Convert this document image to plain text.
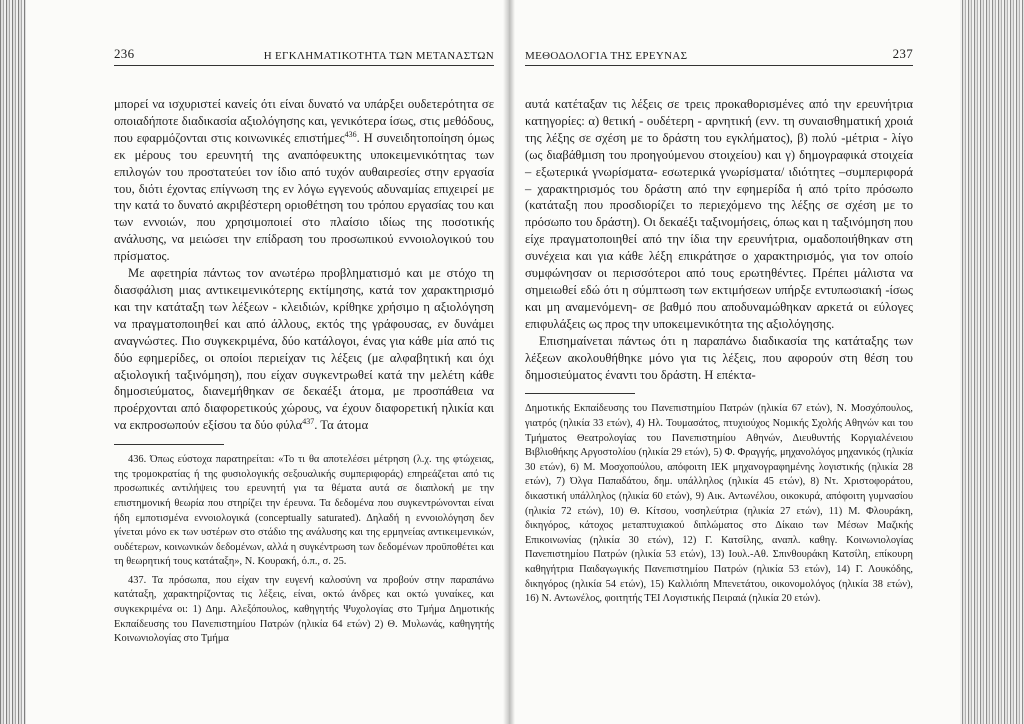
236	Η ΕΓΚΛΗΜΑΤΙΚΟΤΗΤΑ ΤΩΝ ΜΕΤΑΝΑΣΤΩΝ

μπορεί να ισχυριστεί κανείς ότι είναι δυνατό να υπάρξει ουδετερότητα σε οποιαδήποτε διαδικασία αξιολόγησης και, γενικότερα ίσως, στις μεθόδους, που εφαρμόζονται στις κοινωνικές επιστήμες$^{436}$. Η συνειδητοποίηση όμως εκ μέρους του ερευνητή της αναπόφευκτης υποκειμενικότητας των επιλογών του προστατεύει τον ίδιο από τυχόν αυθαιρεσίες στην εργασία του, διότι έχοντας επίγνωση της εν λόγω εγγενούς αδυναμίας επιχειρεί με την κατά το δυνατό ακριβέστερη οριοθέτηση του τρόπου εργασίας του και των εννοιών, που χρησιμοποιεί στο πλαίσιο ιδίως της ποσοτικής ανάλυσης, να μειώσει την επίδραση του προσωπικού εννοιολογικού του πρίσματος.

Με αφετηρία πάντως τον ανωτέρω προβληματισμό και με στόχο τη διασφάλιση μιας αντικειμενικότερης εκτίμησης, κατά τον χαρακτηρισμό και την κατάταξη των λέξεων - κλειδιών, κρίθηκε χρήσιμο η αξιολόγηση να πραγματοποιηθεί και από άλλους, εκτός της γράφουσας, εν δυνάμει αναγνώστες. Πιο συγκεκριμένα, δύο κατάλογοι, ένας για κάθε μία από τις δύο εφημερίδες, οι οποίοι περιείχαν τις λέξεις (με αλφαβητική και όχι αξιολογική ταξινόμηση), που είχαν συγκεντρωθεί κατά την μελέτη κάθε δημοσιεύματος, διανεμήθηκαν σε δεκαέξι άτομα, με προσπάθεια να προέρχονται από διαφορετικούς χώρους, να έχουν διαφορετική ηλικία και να εκπροσωπούν εξίσου τα δύο φύλα$^{437}$. Τα άτομα

436. Όπως εύστοχα παρατηρείται: «Το τι θα αποτελέσει μέτρηση (λ.χ. της φτώχειας, της τρομοκρατίας ή της φυσιολογικής σεξουαλικής συμπεριφοράς) επηρεάζεται από τις προσωπικές αντιλήψεις του ερευνητή για τα θέματα αυτά σε διαπλοκή με την επιστημονική θεωρία που στηρίζει την έρευνα. Τα δεδομένα που συγκεντρώνονται είναι ήδη εμποτισμένα εννοιολογικά (conceptually saturated). Δηλαδή η εννοιολόγηση δεν γίνεται μόνο εκ των υστέρων στο στάδιο της ανάλυσης και της ερμηνείας αντικειμενικών, ουδέτερων, κοινωνικών δεδομένων, αλλά η συγκέντρωση των δεδομένων προϋποθέτει και τη θεωρητική τους κατάταξη», Ν. Κουρακή, ό.π., σ. 25.

437. Τα πρόσωπα, που είχαν την ευγενή καλοσύνη να προβούν στην παραπάνω κατάταξη, χαρακτηρίζοντας τις λέξεις, είναι, οκτώ άνδρες και οκτώ γυναίκες, και συγκεκριμένα οι: 1) Δημ. Αλεξόπουλος, καθηγητής Ψυχολογίας στο Τμήμα Δημοτικής Εκπαίδευσης του Πανεπιστημίου Πατρών (ηλικία 64 ετών) 2) Θ. Μυλωνάς, καθηγητής Κοινωνιολογίας στο Τμήμα

ΜΕΘΟΔΟΛΟΓΙΑ ΤΗΣ ΕΡΕΥΝΑΣ	237

αυτά κατέταξαν τις λέξεις σε τρεις προκαθορισμένες από την ερευνήτρια κατηγορίες: α) θετική - ουδέτερη - αρνητική (ενν. τη συναισθηματική χροιά της λέξης σε σχέση με το δράστη του εγκλήματος), β) πολύ -μέτρια - λίγο (ως διαβάθμιση του προηγούμενου στοιχείου) και γ) δημογραφικά στοιχεία – εξωτερικά γνωρίσματα- εσωτερικά γνωρίσματα/ ιδιότητες –συμπεριφορά – χαρακτηρισμός του δράστη από την εφημερίδα ή από τρίτο πρόσωπο (κατάταξη που προσδιορίζει το περιεχόμενο της λέξης σε σχέση με το πρόσωπο του δράστη). Οι δεκαέξι ταξινομήσεις, όπως και η ταξινόμηση που είχε πραγματοποιηθεί από την ίδια την ερευνήτρια, ομαδοποιήθηκαν στη συνέχεια και για κάθε λέξη επικράτησε ο χαρακτηρισμός, για τον οποίο συμφώνησαν οι περισσότεροι από τους ερωτηθέντες. Πρέπει μάλιστα να σημειωθεί εδώ ότι η σύμπτωση των εκτιμήσεων υπήρξε εντυπωσιακή -ίσως και μη αναμενόμενη- σε βαθμό που αποδυναμώθηκαν αρκετά οι εύλογες επιφυλάξεις ως προς την υποκειμενικότητα της αξιολόγησης.

Επισημαίνεται πάντως ότι η παραπάνω διαδικασία της κατάταξης των λέξεων ακολουθήθηκε μόνο για τις λέξεις, που αφορούν στη θέση του δημοσιεύματος έναντι του δράστη. Η επέκτα-

Δημοτικής Εκπαίδευσης του Πανεπιστημίου Πατρών (ηλικία 67 ετών), Ν. Μοσχόπουλος, γιατρός (ηλικία 33 ετών), 4) Ηλ. Τουμασάτος, πτυχιούχος Νομικής Σχολής Αθηνών και του Τμήματος Θεατρολογίας του Πανεπιστημίου Αθηνών, Διευθυντής Κοργιαλένειου Βιβλιοθήκης Αργοστολίου (ηλικία 29 ετών), 5) Φ. Φραγγής, μηχανολόγος μηχανικός (ηλικία 30 ετών), 6) Μ. Μοσχοπούλου, απόφοιτη ΙΕΚ μηχανογραφημένης λογιστικής (ηλικία 28 ετών), 7) Όλγα Παπαδάτου, δημ. υπάλληλος (ηλικία 45 ετών), 8) Ντ. Χριστοφοράτου, δικαστική υπάλληλος (ηλικία 60 ετών), 9) Αικ. Αντωνέλου, οικοκυρά, απόφοιτη γυμνασίου (ηλικία 72 ετών), 10) Θ. Κίτσου, νοσηλεύτρια (ηλικία 27 ετών), 11) Μ. Φλουράκη, δικηγόρος, κάτοχος μεταπτυχιακού διπλώματος στο Δίκαιο των Μέσων Μαζικής Επικοινωνίας (ηλικία 30 ετών), 12) Γ. Κατσίλης, αναπλ. καθηγ. Κοινωνιολογίας Πανεπιστημίου Πατρών (ηλικία 53 ετών), 13) Ιουλ.-Αθ. Σπινθουράκη Κατσίλη, επίκουρη καθηγήτρια Παιδαγωγικής Πανεπιστημίου Πατρών (ηλικία 53 ετών), 14) Γ. Λουκόδης, δικηγόρος (ηλικία 54 ετών), 15) Καλλιόπη Μπενετάτου, οικονομολόγος (ηλικία 38 ετών), 16) Ν. Αντωνέλος, φοιτητής ΤΕΙ Λογιστικής Πειραιά (ηλικία 20 ετών).
